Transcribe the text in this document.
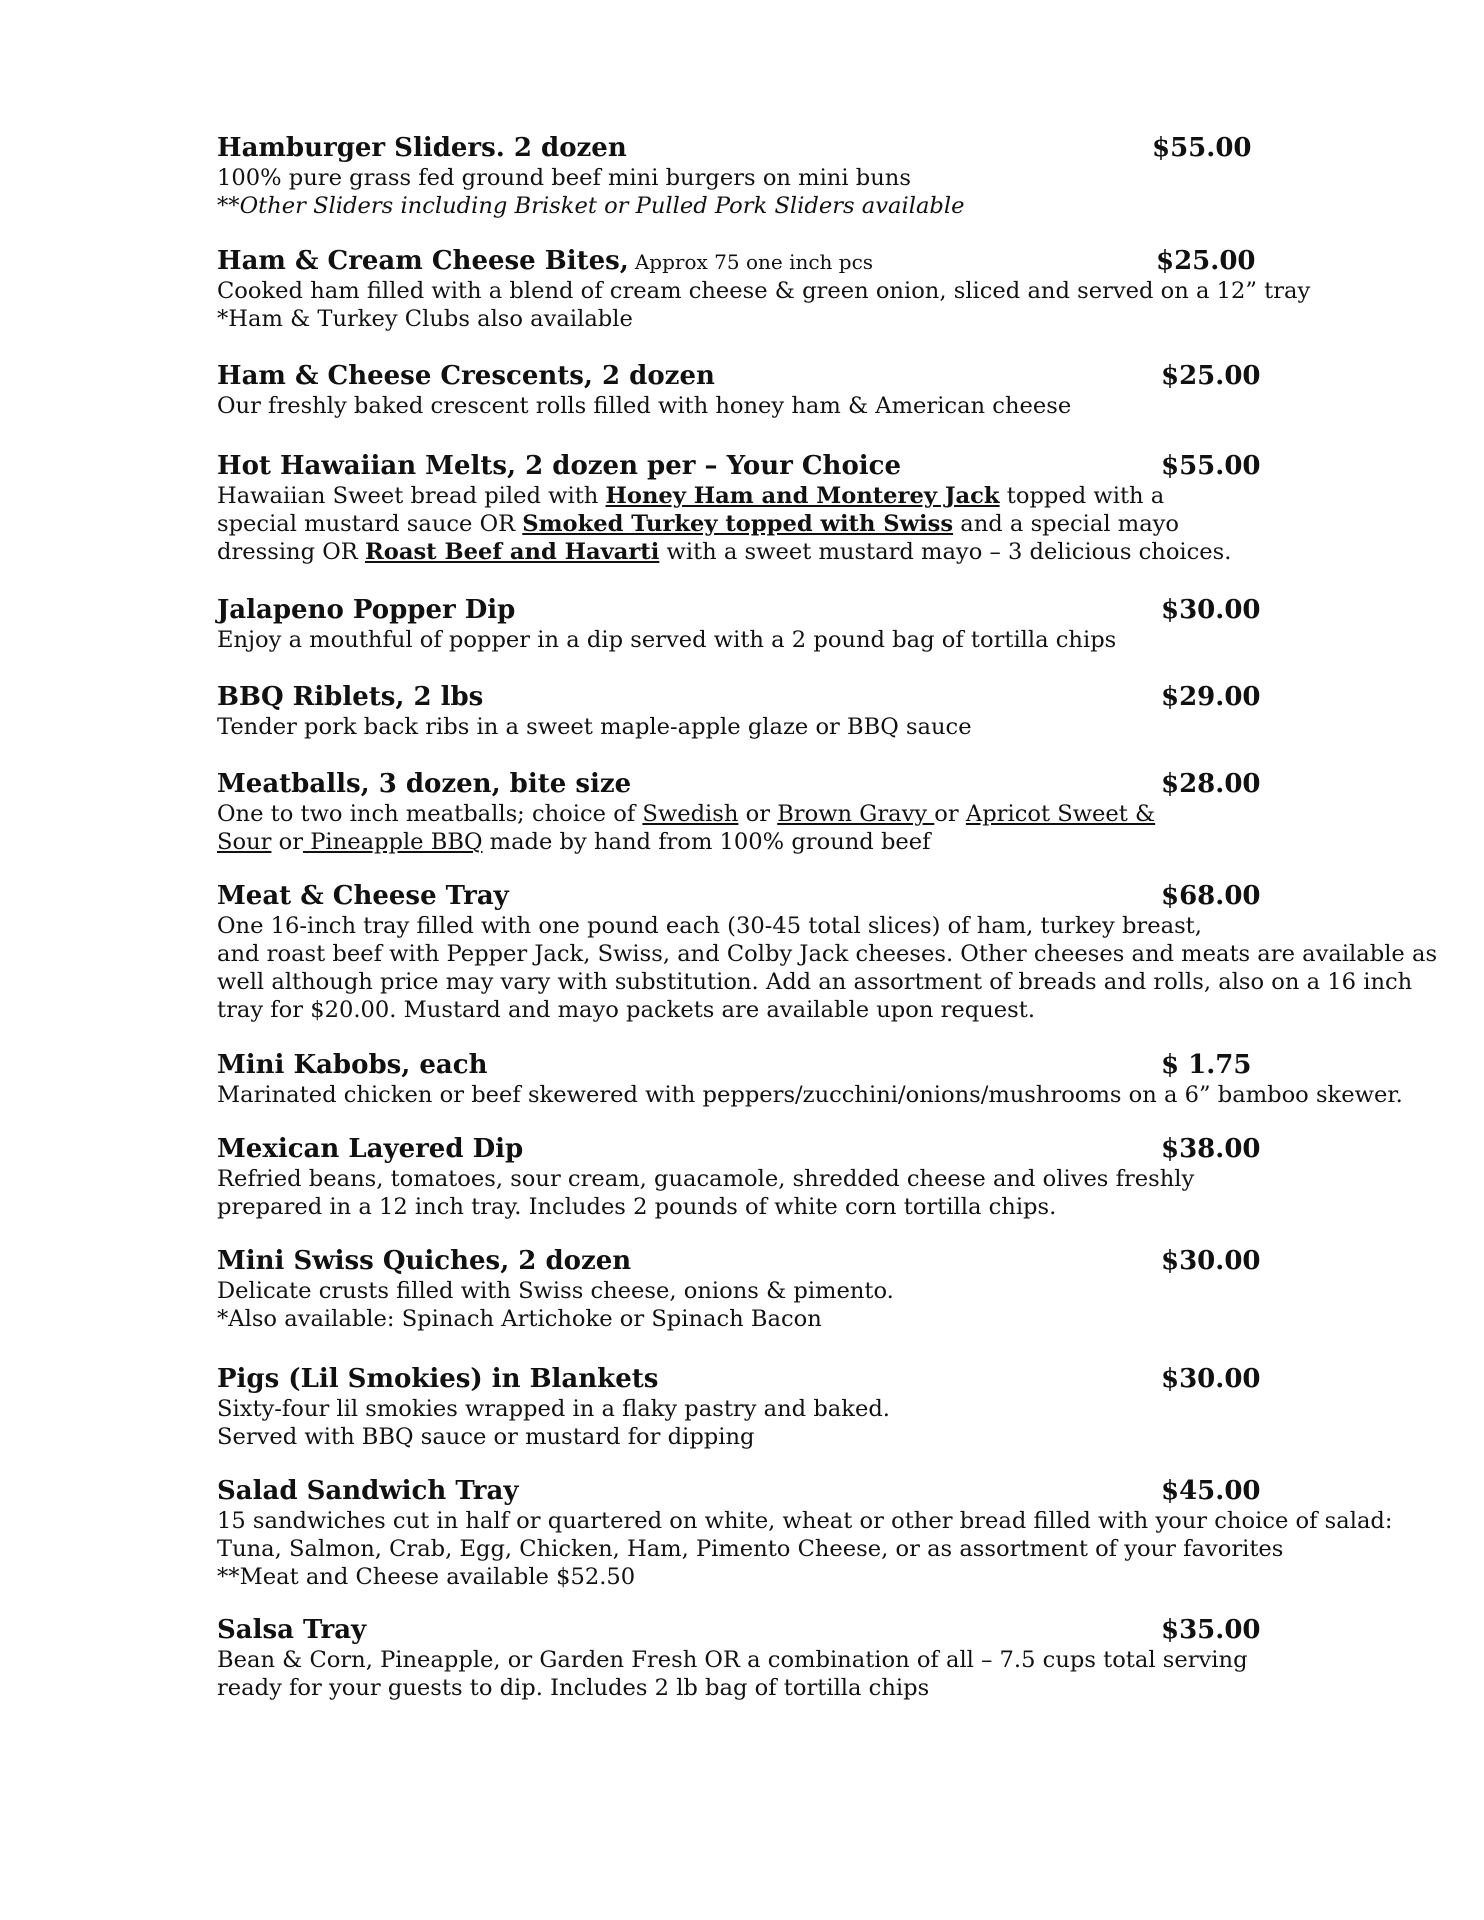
Hamburger Sliders. 2 dozen	$55.00
100% pure grass fed ground beef mini burgers on mini buns
**Other Sliders including Brisket or Pulled Pork Sliders available
Ham & Cream Cheese Bites, Approx 75 one inch pcs	$25.00
Cooked ham filled with a blend of cream cheese & green onion, sliced and served on a 12” tray
*Ham & Turkey Clubs also available
Ham & Cheese Crescents, 2 dozen	$25.00
Our freshly baked crescent rolls filled with honey ham & American cheese
Hot Hawaiian Melts, 2 dozen per – Your Choice	$55.00
Hawaiian Sweet bread piled with Honey Ham and Monterey Jack topped with a
special mustard sauce OR Smoked Turkey topped with Swiss and a special mayo
dressing OR Roast Beef and Havarti with a sweet mustard mayo – 3 delicious choices.
Jalapeno Popper Dip	$30.00
Enjoy a mouthful of popper in a dip served with a 2 pound bag of tortilla chips
BBQ Riblets, 2 lbs	$29.00
Tender pork back ribs in a sweet maple-apple glaze or BBQ sauce
Meatballs, 3 dozen, bite size	$28.00
One to two inch meatballs; choice of Swedish or Brown Gravy or Apricot Sweet &
Sour or Pineapple BBQ made by hand from 100% ground beef
Meat & Cheese Tray	$68.00
One 16-inch tray filled with one pound each (30-45 total slices) of ham, turkey breast,
and roast beef with Pepper Jack, Swiss, and Colby Jack cheeses. Other cheeses and meats are available as
well although price may vary with substitution. Add an assortment of breads and rolls, also on a 16 inch
tray for $20.00. Mustard and mayo packets are available upon request.
Mini Kabobs, each	$ 1.75
Marinated chicken or beef skewered with peppers/zucchini/onions/mushrooms on a 6” bamboo skewer.
Mexican Layered Dip	$38.00
Refried beans, tomatoes, sour cream, guacamole, shredded cheese and olives freshly
prepared in a 12 inch tray. Includes 2 pounds of white corn tortilla chips.
Mini Swiss Quiches, 2 dozen	$30.00
Delicate crusts filled with Swiss cheese, onions & pimento.
*Also available: Spinach Artichoke or Spinach Bacon
Pigs (Lil Smokies) in Blankets	$30.00
Sixty-four lil smokies wrapped in a flaky pastry and baked.
Served with BBQ sauce or mustard for dipping
Salad Sandwich Tray	$45.00
15 sandwiches cut in half or quartered on white, wheat or other bread filled with your choice of salad:
Tuna, Salmon, Crab, Egg, Chicken, Ham, Pimento Cheese, or as assortment of your favorites
**Meat and Cheese available $52.50
Salsa Tray	$35.00
Bean & Corn, Pineapple, or Garden Fresh OR a combination of all – 7.5 cups total serving
ready for your guests to dip. Includes 2 lb bag of tortilla chips
